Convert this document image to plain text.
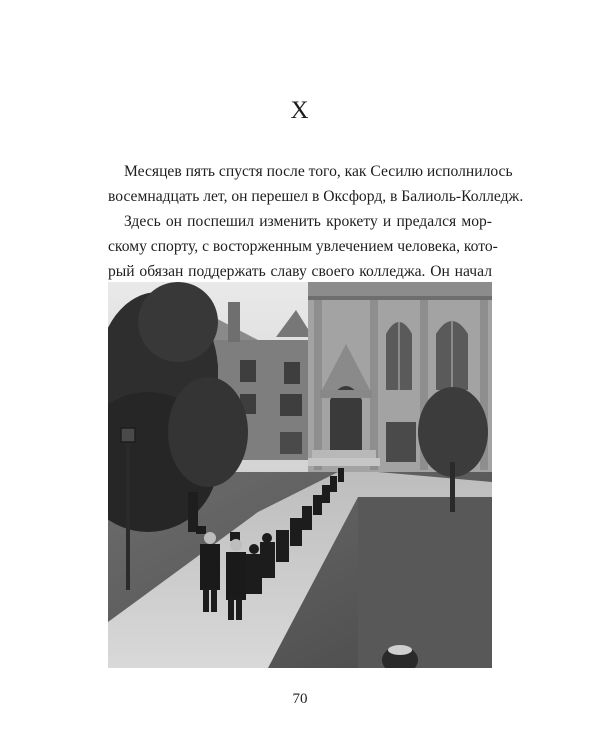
X

Месяцев пять спустя после того, как Сесилю исполнилось

восемнадцать лет, он перешел в Оксфорд, в Балиоль-Колледж.

Здесь он поспешил изменить крокету и предался мор-

скому спорту, с восторженным увлечением человека, кото-

рый обязан поддержать славу своего колледжа. Он начал

70
